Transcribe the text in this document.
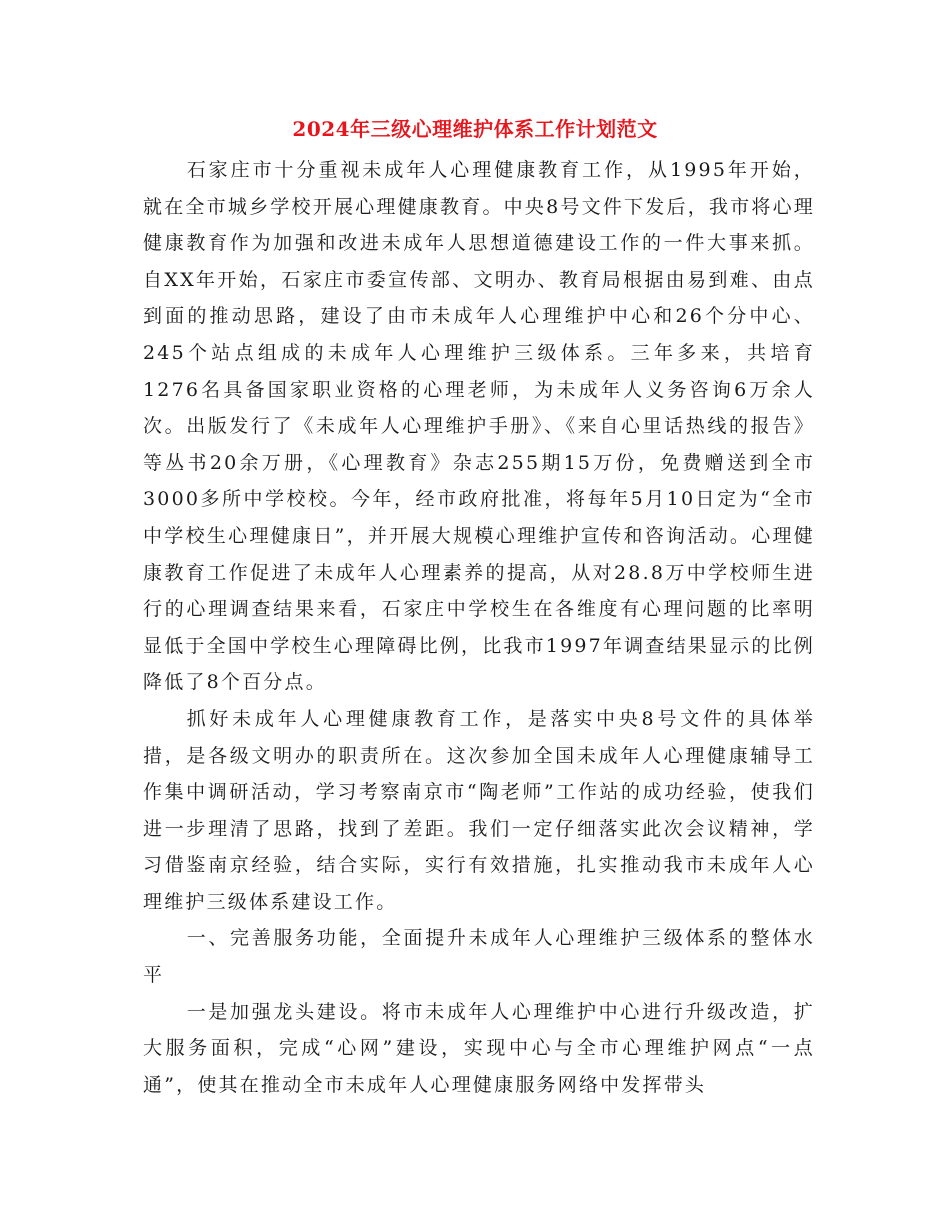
2024年三级心理维护体系工作计划范文

石家庄市十分重视未成年人心理健康教育工作，从1995年开始，就在全市城乡学校开展心理健康教育。中央8号文件下发后，我市将心理健康教育作为加强和改进未成年人思想道德建设工作的一件大事来抓。自XX年开始，石家庄市委宣传部、文明办、教育局根据由易到难、由点到面的推动思路，建设了由市未成年人心理维护中心和26个分中心、245个站点组成的未成年人心理维护三级体系。三年多来，共培育1276名具备国家职业资格的心理老师，为未成年人义务咨询6万余人次。出版发行了《未成年人心理维护手册》、《来自心里话热线的报告》等丛书20余万册，《心理教育》杂志255期15万份，免费赠送到全市 3000多所中学校校。今年，经市政府批准，将每年5月10日定为“全市中学校生心理健康日”，并开展大规模心理维护宣传和咨询活动。心理健康教育工作促进了未成年人心理素养的提高，从对28.8万中学校师生进行的心理调查结果来看，石家庄中学校生在各维度有心理问题的比率明显低于全国中学校生心理障碍比例，比我市1997年调查结果显示的比例降低了8个百分点。

抓好未成年人心理健康教育工作，是落实中央8号文件的具体举措，是各级文明办的职责所在。这次参加全国未成年人心理健康辅导工作集中调研活动，学习考察南京市“陶老师”工作站的成功经验，使我们进一步理清了思路，找到了差距。我们一定仔细落实此次会议精神，学习借鉴南京经验，结合实际，实行有效措施，扎实推动我市未成年人心理维护三级体系建设工作。

一、完善服务功能，全面提升未成年人心理维护三级体系的整体水平

一是加强龙头建设。将市未成年人心理维护中心进行升级改造，扩大服务面积，完成“心网”建设，实现中心与全市心理维护网点“一点通”，使其在推动全市未成年人心理健康服务网络中发挥带头
